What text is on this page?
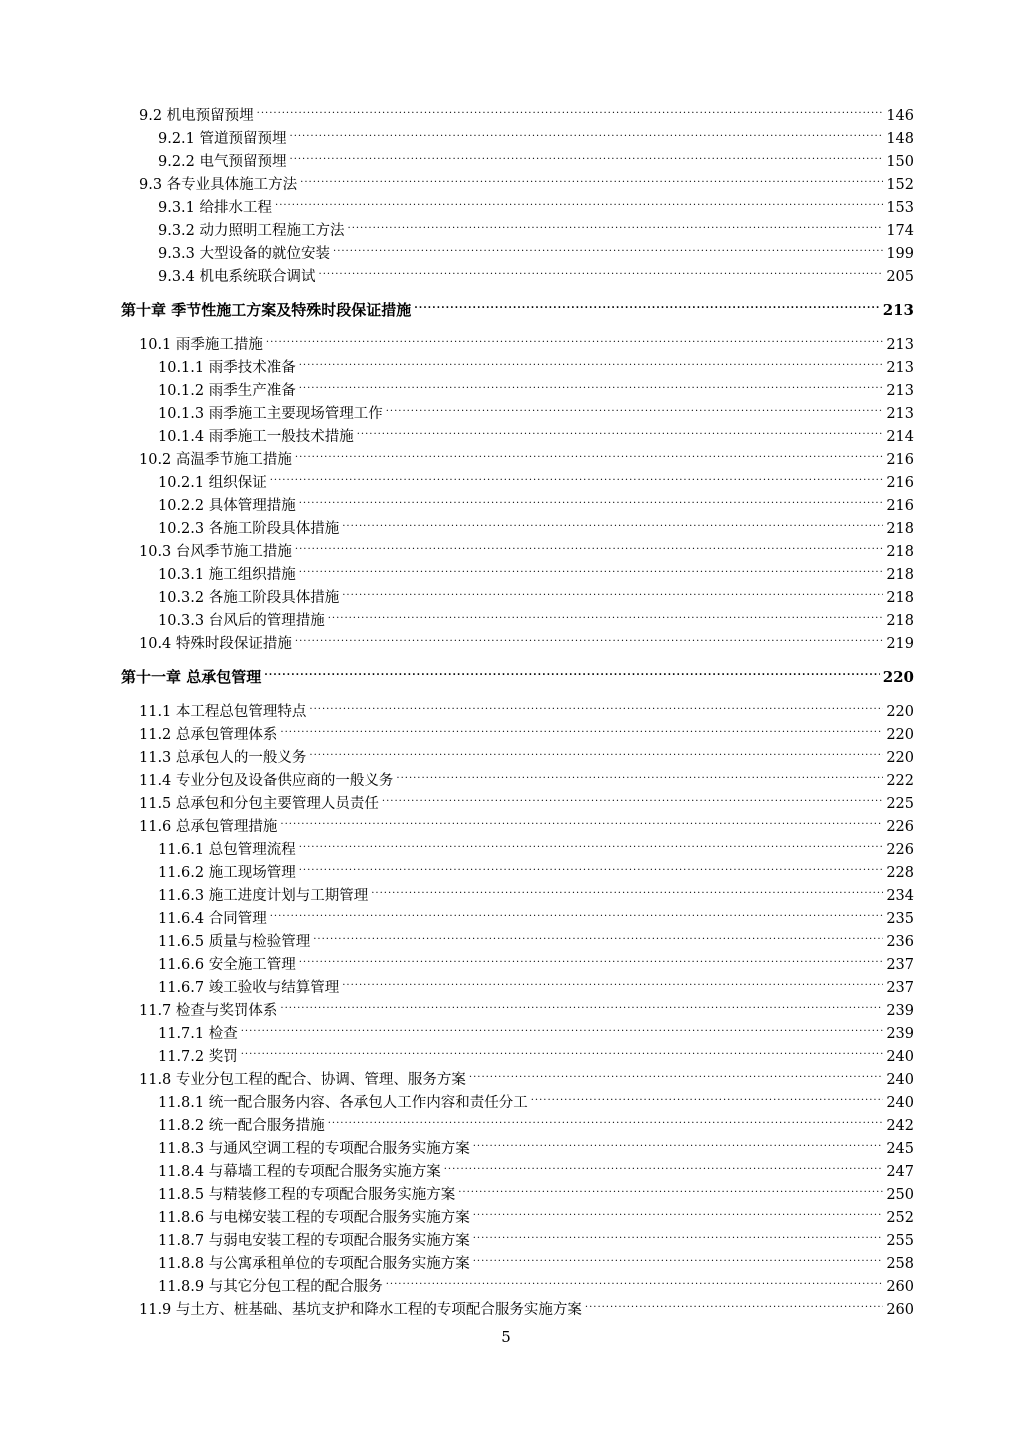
9.2 机电预留预埋 .....	146
9.2.1 管道预留预埋 .....	148
9.2.2 电气预留预埋 .....	150
9.3 各专业具体施工方法 .....	152
9.3.1 给排水工程 .....	153
9.3.2 动力照明工程施工方法 .....	174
9.3.3 大型设备的就位安装 .....	199
9.3.4 机电系统联合调试 .....	205
第十章 季节性施工方案及特殊时段保证措施 .....	213
10.1 雨季施工措施 .....	213
10.1.1 雨季技术准备 .....	213
10.1.2 雨季生产准备 .....	213
10.1.3 雨季施工主要现场管理工作 .....	213
10.1.4 雨季施工一般技术措施 .....	214
10.2 高温季节施工措施 .....	216
10.2.1 组织保证 .....	216
10.2.2 具体管理措施 .....	216
10.2.3 各施工阶段具体措施 .....	218
10.3 台风季节施工措施 .....	218
10.3.1 施工组织措施 .....	218
10.3.2 各施工阶段具体措施 .....	218
10.3.3 台风后的管理措施 .....	218
10.4 特殊时段保证措施 .....	219
第十一章 总承包管理 .....	220
11.1 本工程总包管理特点 .....	220
11.2 总承包管理体系 .....	220
11.3 总承包人的一般义务 .....	220
11.4 专业分包及设备供应商的一般义务 .....	222
11.5 总承包和分包主要管理人员责任 .....	225
11.6 总承包管理措施 .....	226
11.6.1 总包管理流程 .....	226
11.6.2 施工现场管理 .....	228
11.6.3 施工进度计划与工期管理 .....	234
11.6.4 合同管理 .....	235
11.6.5 质量与检验管理 .....	236
11.6.6 安全施工管理 .....	237
11.6.7 竣工验收与结算管理 .....	237
11.7 检查与奖罚体系 .....	239
11.7.1 检查 .....	239
11.7.2 奖罚 .....	240
11.8 专业分包工程的配合、协调、管理、服务方案 .....	240
11.8.1 统一配合服务内容、各承包人工作内容和责任分工 .....	240
11.8.2 统一配合服务措施 .....	242
11.8.3 与通风空调工程的专项配合服务实施方案 .....	245
11.8.4 与幕墙工程的专项配合服务实施方案 .....	247
11.8.5 与精装修工程的专项配合服务实施方案 .....	250
11.8.6 与电梯安装工程的专项配合服务实施方案 .....	252
11.8.7 与弱电安装工程的专项配合服务实施方案 .....	255
11.8.8 与公寓承租单位的专项配合服务实施方案 .....	258
11.8.9 与其它分包工程的配合服务 .....	260
11.9 与土方、桩基础、基坑支护和降水工程的专项配合服务实施方案 .....	260
5
